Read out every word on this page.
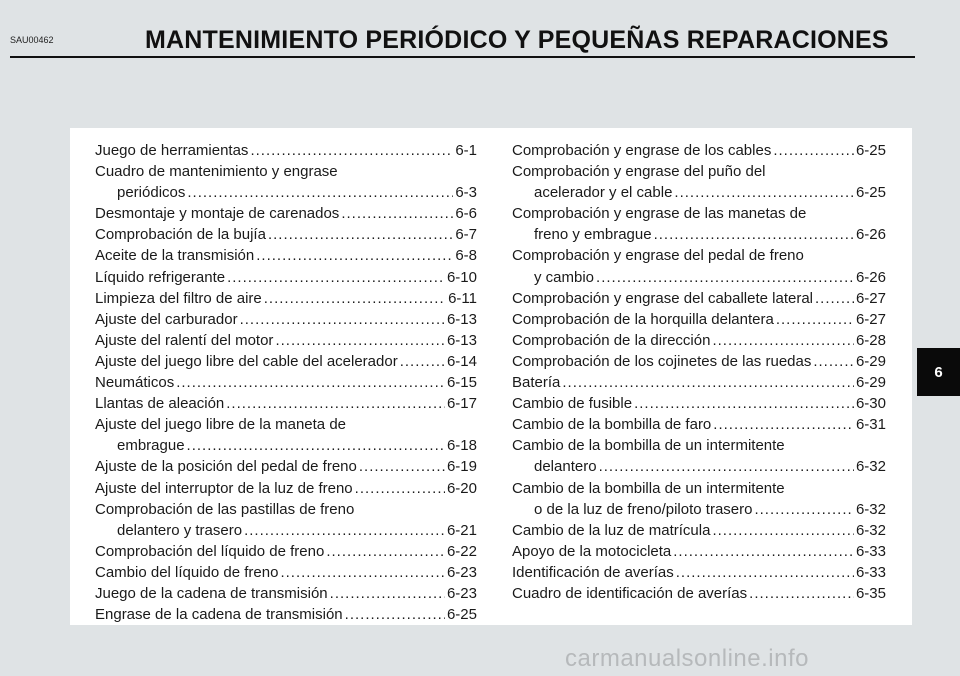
SAU00462	MANTENIMIENTO PERIÓDICO Y PEQUEÑAS REPARACIONES
Juego de herramientas .....	6-1
Cuadro de mantenimiento y engrase
periódicos .....	6-3
Desmontaje y montaje de carenados .....	6-6
Comprobación de la bujía .....	6-7
Aceite de la transmisión .....	6-8
Líquido refrigerante .....	6-10
Limpieza del filtro de aire .....	6-11
Ajuste del carburador .....	6-13
Ajuste del ralentí del motor .....	6-13
Ajuste del juego libre del cable del acelerador .....	6-14
Neumáticos .....	6-15
Llantas de aleación .....	6-17
Ajuste del juego libre de la maneta de
embrague .....	6-18
Ajuste de la posición del pedal de freno .....	6-19
Ajuste del interruptor de la luz de freno .....	6-20
Comprobación de las pastillas de freno
delantero y trasero .....	6-21
Comprobación del líquido de freno .....	6-22
Cambio del líquido de freno .....	6-23
Juego de la cadena de transmisión .....	6-23
Engrase de la cadena de transmisión .....	6-25
Comprobación y engrase de los cables .....	6-25
Comprobación y engrase del puño del
acelerador y el cable .....	6-25
Comprobación y engrase de las manetas de
freno y embrague .....	6-26
Comprobación y engrase del pedal de freno
y cambio .....	6-26
Comprobación y engrase del caballete lateral .....	6-27
Comprobación de la horquilla delantera .....	6-27
Comprobación de la dirección .....	6-28
Comprobación de los cojinetes de las ruedas .....	6-29
Batería .....	6-29
Cambio de fusible .....	6-30
Cambio de la bombilla de faro .....	6-31
Cambio de la bombilla de un intermitente
delantero .....	6-32
Cambio de la bombilla de un intermitente
o de la luz de freno/piloto trasero .....	6-32
Cambio de la luz de matrícula .....	6-32
Apoyo de la motocicleta .....	6-33
Identificación de averías .....	6-33
Cuadro de identificación de averías .....	6-35
6
carmanualsonline.info
